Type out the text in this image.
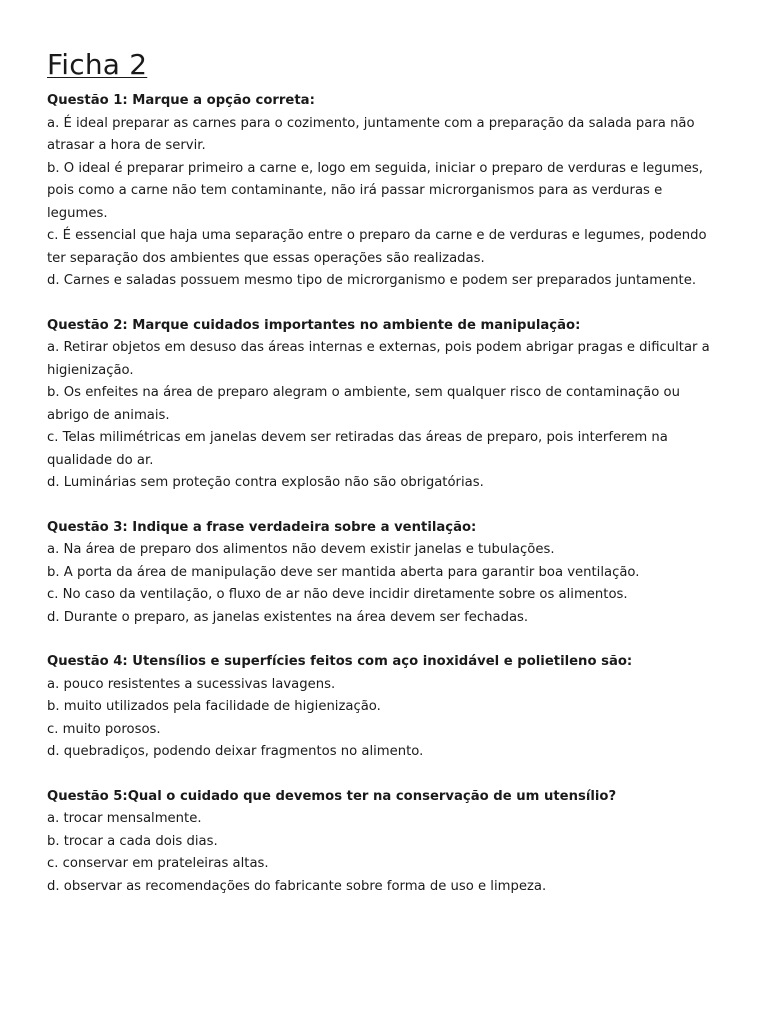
Ficha 2

Questão 1: Marque a opção correta:

a. É ideal preparar as carnes para o cozimento, juntamente com a preparação da salada para não atrasar a hora de servir.

b. O ideal é preparar primeiro a carne e, logo em seguida, iniciar o preparo de verduras e legumes, pois como a carne não tem contaminante, não irá passar microrganismos para as verduras e legumes.

c. É essencial que haja uma separação entre o preparo da carne e de verduras e legumes, podendo ter separação dos ambientes que essas operações são realizadas.

d. Carnes e saladas possuem mesmo tipo de microrganismo e podem ser preparados juntamente.

Questão 2: Marque cuidados importantes no ambiente de manipulação:

a. Retirar objetos em desuso das áreas internas e externas, pois podem abrigar pragas e dificultar a higienização.

b. Os enfeites na área de preparo alegram o ambiente, sem qualquer risco de contaminação ou abrigo de animais.

c. Telas milimétricas em janelas devem ser retiradas das áreas de preparo, pois interferem na qualidade do ar.

d. Luminárias sem proteção contra explosão não são obrigatórias.

Questão 3: Indique a frase verdadeira sobre a ventilação:

a. Na área de preparo dos alimentos não devem existir janelas e tubulações.

b. A porta da área de manipulação deve ser mantida aberta para garantir boa ventilação.

c. No caso da ventilação, o fluxo de ar não deve incidir diretamente sobre os alimentos.

d. Durante o preparo, as janelas existentes na área devem ser fechadas.

Questão 4: Utensílios e superfícies feitos com aço inoxidável e polietileno são:

a. pouco resistentes a sucessivas lavagens.

b. muito utilizados pela facilidade de higienização.

c. muito porosos.

d. quebradiços, podendo deixar fragmentos no alimento.

Questão 5:Qual o cuidado que devemos ter na conservação de um utensílio?

a. trocar mensalmente.

b. trocar a cada dois dias.

c. conservar em prateleiras altas.

d. observar as recomendações do fabricante sobre forma de uso e limpeza.
